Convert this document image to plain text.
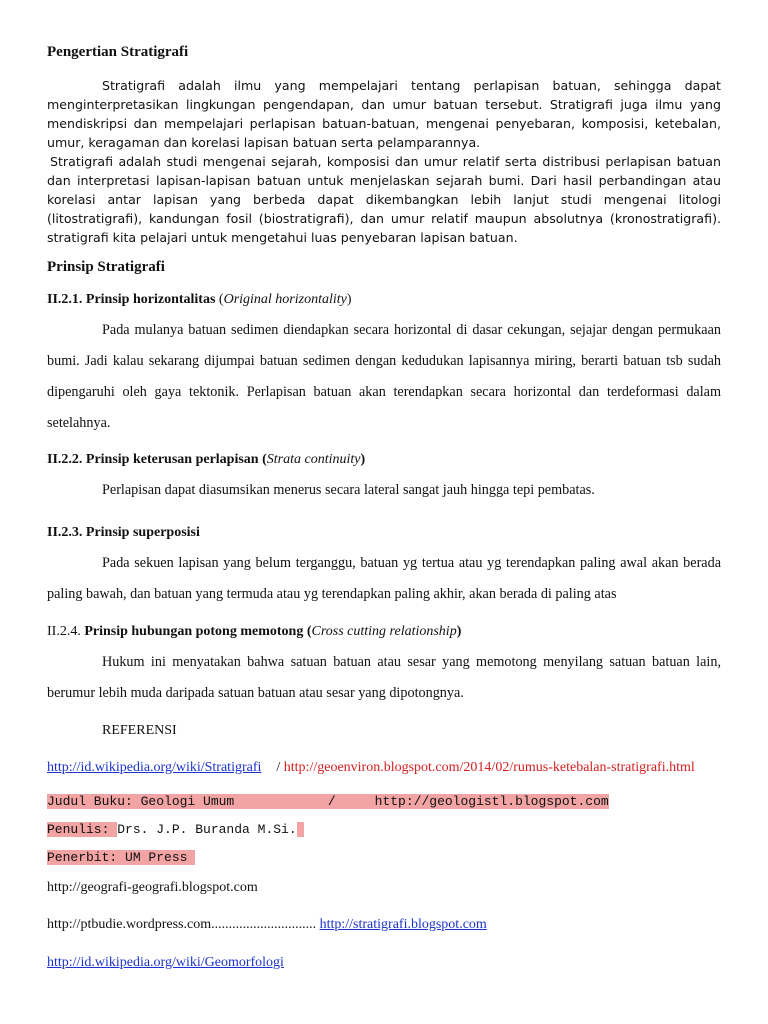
Pengertian Stratigrafi

Stratigrafi adalah ilmu yang mempelajari tentang perlapisan batuan, sehingga dapat menginterpretasikan lingkungan pengendapan, dan umur batuan tersebut. Stratigrafi juga ilmu yang mendiskripsi dan mempelajari perlapisan batuan-batuan, mengenai penyebaran, komposisi, ketebalan, umur, keragaman dan korelasi lapisan batuan serta pelamparannya.

Stratigrafi adalah studi mengenai sejarah, komposisi dan umur relatif serta distribusi perlapisan batuan dan interpretasi lapisan-lapisan batuan untuk menjelaskan sejarah bumi. Dari hasil perbandingan atau korelasi antar lapisan yang berbeda dapat dikembangkan lebih lanjut studi mengenai litologi (litostratigrafi), kandungan fosil (biostratigrafi), dan umur relatif maupun absolutnya (kronostratigrafi). stratigrafi kita pelajari untuk mengetahui luas penyebaran lapisan batuan.

Prinsip Stratigrafi
II.2.1. Prinsip horizontalitas (Original horizontality)

Pada mulanya batuan sedimen diendapkan secara horizontal di dasar cekungan, sejajar dengan permukaan bumi. Jadi kalau sekarang dijumpai batuan sedimen dengan kedudukan lapisannya miring, berarti batuan tsb sudah dipengaruhi oleh gaya tektonik. Perlapisan batuan akan terendapkan secara horizontal dan terdeformasi dalam setelahnya.

II.2.2. Prinsip keterusan perlapisan (Strata continuity)

Perlapisan dapat diasumsikan menerus secara lateral sangat jauh hingga tepi pembatas.

II.2.3. Prinsip superposisi

Pada sekuen lapisan yang belum terganggu, batuan yg tertua atau yg terendapkan paling awal akan berada paling bawah, dan batuan yang termuda atau yg terendapkan paling akhir, akan berada di paling atas

II.2.4. Prinsip hubungan potong memotong (Cross cutting relationship)

Hukum ini menyatakan bahwa satuan batuan atau sesar yang memotong menyilang satuan batuan lain, berumur lebih muda daripada satuan batuan atau sesar yang dipotongnya.

REFERENSI

http://id.wikipedia.org/wiki/Stratigrafi / http://geoenviron.blogspot.com/2014/02/rumus-ketebalan-stratigrafi.html

Judul Buku: Geologi Umum            /     http://geologistl.blogspot.com

Penulis: Drs. J.P. Buranda M.Si.

Penerbit: UM Press

http://geografi-geografi.blogspot.com

http://ptbudie.wordpress.com.............................. http://stratigrafi.blogspot.com

http://id.wikipedia.org/wiki/Geomorfologi
